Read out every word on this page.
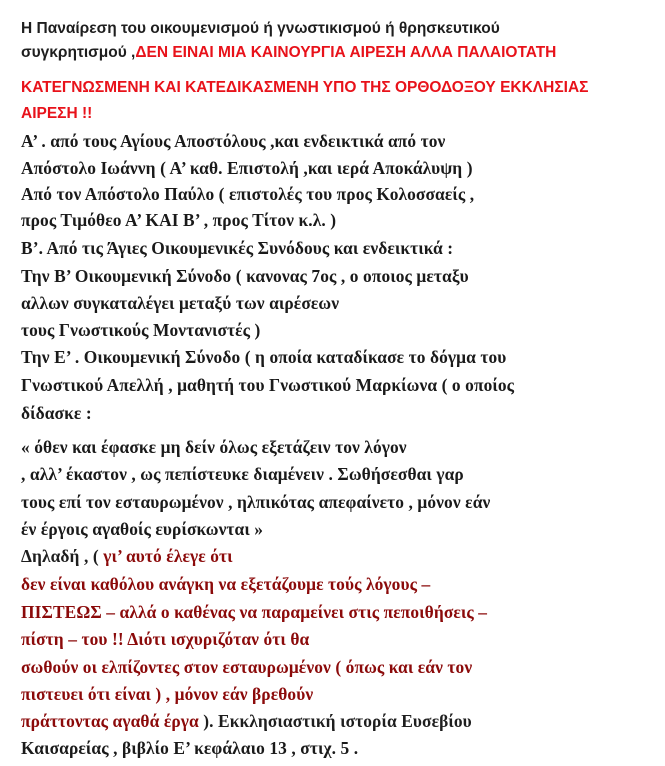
Η Παναίρεση του οικουμενισμού ή γνωστικισμού ή θρησκευτικού
συγκρητισμού ,ΔΕΝ ΕΙΝΑΙ ΜΙΑ ΚΑΙΝΟΥΡΓΙΑ ΑΙΡΕΣΗ ΑΛΛΑ ΠΑΛΑΙΟΤΑΤΗ
ΚΑΤΕΓΝΩΣΜΕΝΗ ΚΑΙ ΚΑΤΕΔΙΚΑΣΜΕΝΗ ΥΠΟ ΤΗΣ ΟΡΘΟΔΟΞΟΥ ΕΚΚΛΗΣΙΑΣ
ΑΙΡΕΣΗ !!
Α’ . από τους Αγίους Αποστόλους ,και ενδεικτικά από τον
Απόστολο Ιωάννη ( Α’ καθ. Επιστολή ,και ιερά Αποκάλυψη )
Από τον Απόστολο Παύλο ( επιστολές του προς Κολοσσαείς ,
προς Τιμόθεο Α’ ΚΑΙ Β’ , προς Τίτον κ.λ. )
Β’. Από τις Άγιες Οικουμενικές Συνόδους και ενδεικτικά :
Την Β’ Οικουμενική Σύνοδο ( κανονας 7ος , ο οποιος μεταξυ
αλλων συγκαταλέγει μεταξύ των αιρέσεων
τους Γνωστικούς Μοντανιστές )
Την Ε’ . Οικουμενική Σύνοδο ( η οποία καταδίκασε το δόγμα του
Γνωστικού Απελλή , μαθητή του Γνωστικού Μαρκίωνα ( ο οποίος
δίδασκε :
« όθεν και έφασκε μη δείν όλως εξετάζειν τον λόγον
, αλλ’ έκαστον , ως πεπίστευκε διαμένειν . Σωθήσεσθαι γαρ
τους επί τον εσταυρωμένον , ηλπικότας απεφαίνετο , μόνον εάν
έν έργοις αγαθοίς ευρίσκωνται »
Δηλαδή , ( γι’ αυτό έλεγε ότι
δεν είναι καθόλου ανάγκη να εξετάζουμε τούς λόγους –
ΠΙΣΤΕΩΣ – αλλά ο καθένας να παραμείνει στις πεποιθήσεις –
πίστη – του !! Διότι ισχυριζόταν ότι θα
σωθούν οι ελπίζοντες στον εσταυρωμένον ( όπως και εάν τον
πιστευει ότι είναι ) , μόνον εάν βρεθούν
πράττοντας αγαθά έργα ). Εκκλησιαστική ιστορία Ευσεβίου
Καισαρείας , βιβλίο Ε’ κεφάλαιο 13 , στιχ. 5 .
